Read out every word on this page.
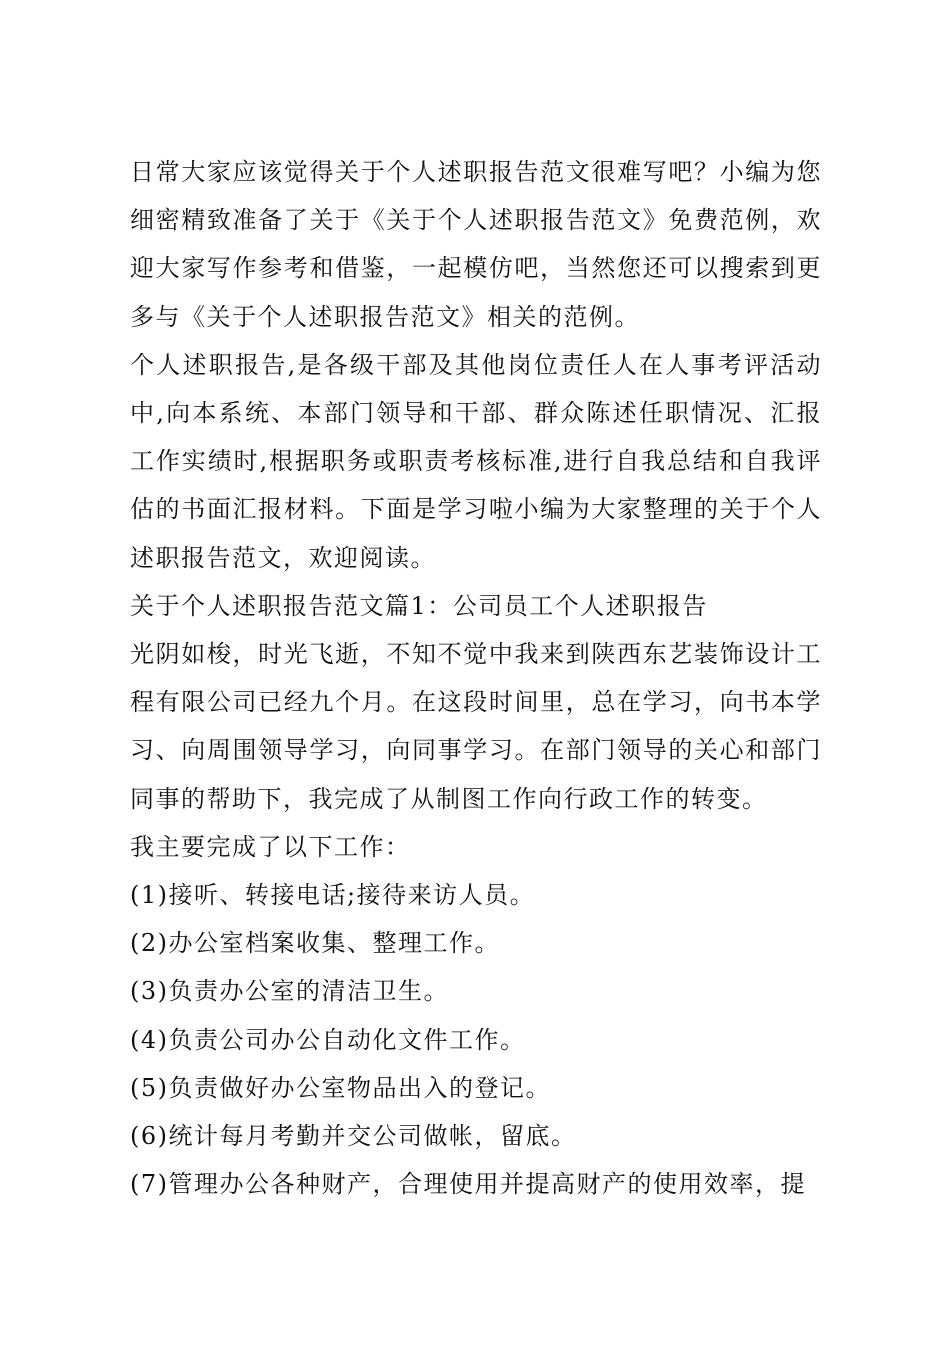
日常大家应该觉得关于个人述职报告范文很难写吧？小编为您细密精致准备了关于《关于个人述职报告范文》免费范例，欢迎大家写作参考和借鉴，一起模仿吧，当然您还可以搜索到更多与《关于个人述职报告范文》相关的范例。

个人述职报告,是各级干部及其他岗位责任人在人事考评活动中,向本系统、本部门领导和干部、群众陈述任职情况、汇报工作实绩时,根据职务或职责考核标准,进行自我总结和自我评估的书面汇报材料。下面是学习啦小编为大家整理的关于个人述职报告范文，欢迎阅读。

关于个人述职报告范文篇1：公司员工个人述职报告

光阴如梭，时光飞逝，不知不觉中我来到陕西东艺装饰设计工程有限公司已经九个月。在这段时间里，总在学习，向书本学习、向周围领导学习，向同事学习。在部门领导的关心和部门同事的帮助下，我完成了从制图工作向行政工作的转变。

我主要完成了以下工作：

(1)接听、转接电话;接待来访人员。

(2)办公室档案收集、整理工作。

(3)负责办公室的清洁卫生。

(4)负责公司办公自动化文件工作。

(5)负责做好办公室物品出入的登记。

(6)统计每月考勤并交公司做帐，留底。

(7)管理办公各种财产，合理使用并提高财产的使用效率，提
